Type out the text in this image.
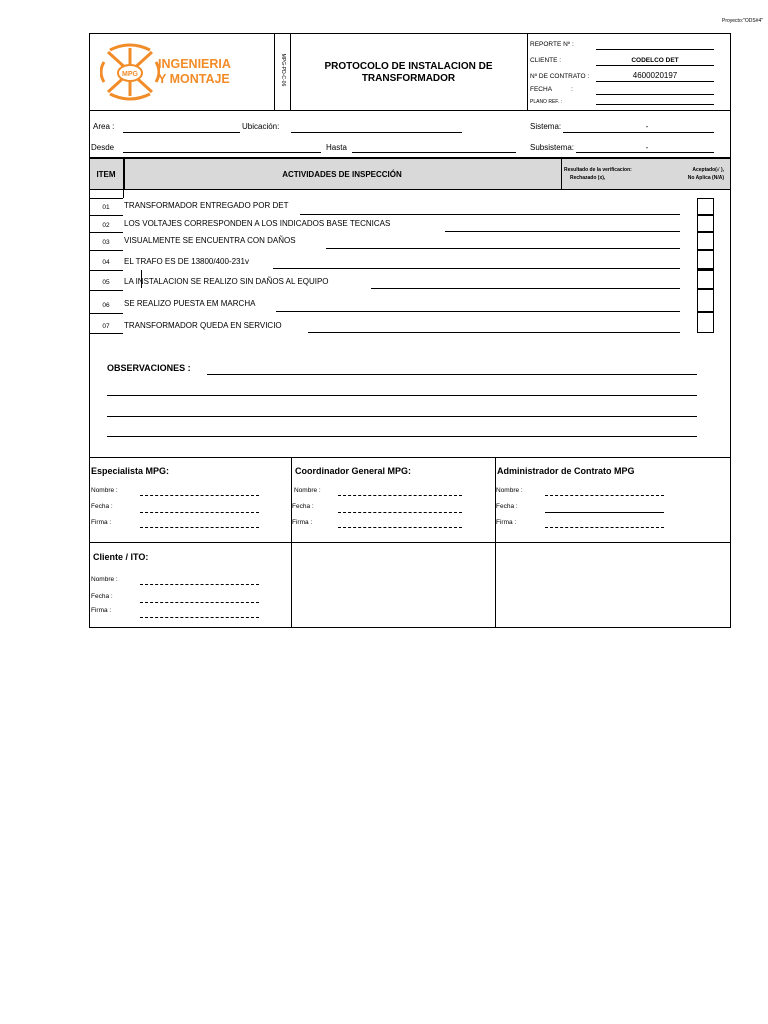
Proyecto:"ODS#4"
MPG
INGENIERIA
Y MONTAJE	MPG-PD-C-06	PROTOCOLO DE INSTALACION DE
TRANSFORMADOR
REPORTE Nº :
CLIENTE :	CODELCO DET
Nº DE CONTRATO :	4600020197
FECHA	:
PLANO REF. :
Area :	Ubicación:	Sistema:	-
Desde	Hasta	Subsistema:	-
ITEM	ACTIVIDADES DE INSPECCIÓN	Resultado de la verificacion:
Rechazado (x),
Aceptado(√ ),
No Aplica (N/A)
01	TRANSFORMADOR ENTREGADO POR DET
02	LOS VOLTAJES CORRESPONDEN A LOS INDICADOS BASE TECNICAS
03	VISUALMENTE SE ENCUENTRA CON DAÑOS
04	EL TRAFO ES DE 13800/400-231v
05	LA INSTALACION SE REALIZO SIN DAÑOS AL EQUIPO
06	SE REALIZO PUESTA EM MARCHA
07	TRANSFORMADOR QUEDA EN SERVICIO
OBSERVACIONES :
Especialista MPG:
Nombre :
Fecha :
Firma :
Coordinador General MPG:
Nombre :
Fecha :
Firma :
Administrador de Contrato MPG
Nombre :
Fecha :
Firma :
Cliente / ITO:
Nombre :
Fecha :
Firma :
